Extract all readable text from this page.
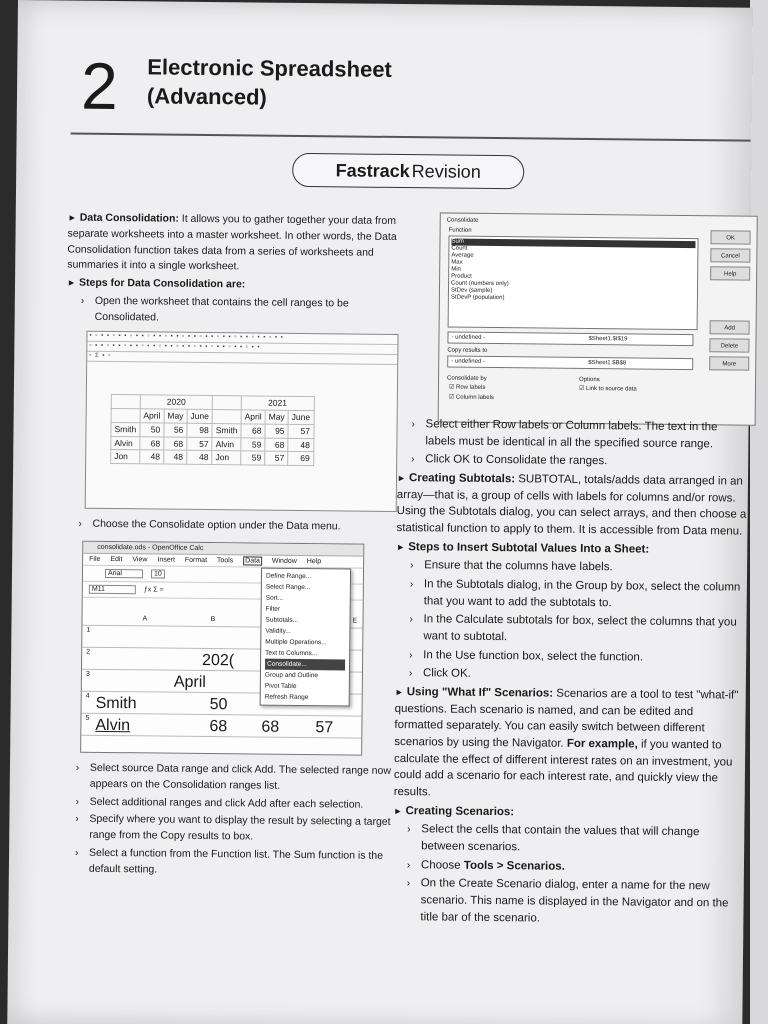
2 Electronic Spreadsheet
(Advanced)
Fastrack Revision
► Data Consolidation: It allows you to gather together your data from separate worksheets into a master worksheet. In other words, the Data Consolidation function takes data from a series of worksheets and summaries it into a single worksheet.
► Steps for Data Consolidation are:
› Open the worksheet that contains the cell ranges to be Consolidated.
▪ ▫ ▪ ▪ ▫ ▪ ▪ ▫ ▪ ▪ ▫ ▪ ▪ ▫ ▪ ▪ ▫ ▪ ▪ ▫ ▪ ▪ ▫ ▪ ▪ ▫ ▪ ▪ ▫ ▪ ▪ ▫ ▪ ▪
▫ ▪ ▪ ▫ ▪ ▪ ▫ ▪ ▪ ▫ ▪ ▪ ▫ ▪ ▪ ▫ ▪ ▪ ▫ ▪ ▪ ▫ ▪ ▪ ▫ ▪ ▪ ▫ ▪ ▪
▫ Σ ▪ ▫
	2020				2021		
	April	May	June		April	May	June
Smith	50	56	98	Smith	68	95	57
Alvin	68	68	57	Alvin	59	68	48
Jon	48	48	48	Jon	59	57	69
› Choose the Consolidate option under the Data menu.
consolidate.ods - OpenOffice Calc
File Edit View Insert Format Tools Data Window Help
Arial	10
M11	ƒx Σ =
A	B	E
1
2	202(
3	April
4 Smith	50
5 Alvin	68 68 57
Define Range...
Select Range...
Sort...
Filter
Subtotals...
Validity...
Multiple Operations...
Text to Columns...
Consolidate...
Group and Outline
Pivot Table
Refresh Range
› Select source Data range and click Add. The selected range now appears on the Consolidation ranges list.
› Select additional ranges and click Add after each selection.
› Specify where you want to display the result by selecting a target range from the Copy results to box.
› Select a function from the Function list. The Sum function is the default setting.
Consolidate
Function
Sum
Count
Average
Max
Min
Product
Count (numbers only)
StDev (sample)
StDevP (population)
- undefined -	$Sheet1.$I$19
Copy results to
- undefined -	$Sheet1.$B$8
Consolidate by
☑ Row labels
☑ Column labels
Options
☑ Link to source data
OK
Cancel
Help
Add
Delete
More
› Select either Row labels or Column labels. The text in the labels must be identical in all the specified source range.
› Click OK to Consolidate the ranges.
► Creating Subtotals: SUBTOTAL, totals/adds data arranged in an array—that is, a group of cells with labels for columns and/or rows. Using the Subtotals dialog, you can select arrays, and then choose a statistical function to apply to them. It is accessible from Data menu.
► Steps to Insert Subtotal Values Into a Sheet:
› Ensure that the columns have labels.
› In the Subtotals dialog, in the Group by box, select the column that you want to add the subtotals to.
› In the Calculate subtotals for box, select the columns that you want to subtotal.
› In the Use function box, select the function.
› Click OK.
► Using "What If" Scenarios: Scenarios are a tool to test "what-if" questions. Each scenario is named, and can be edited and formatted separately. You can easily switch between different scenarios by using the Navigator. For example, if you wanted to calculate the effect of different interest rates on an investment, you could add a scenario for each interest rate, and quickly view the results.
► Creating Scenarios:
› Select the cells that contain the values that will change between scenarios.
› Choose Tools > Scenarios.
› On the Create Scenario dialog, enter a name for the new scenario. This name is displayed in the Navigator and on the title bar of the scenario.
